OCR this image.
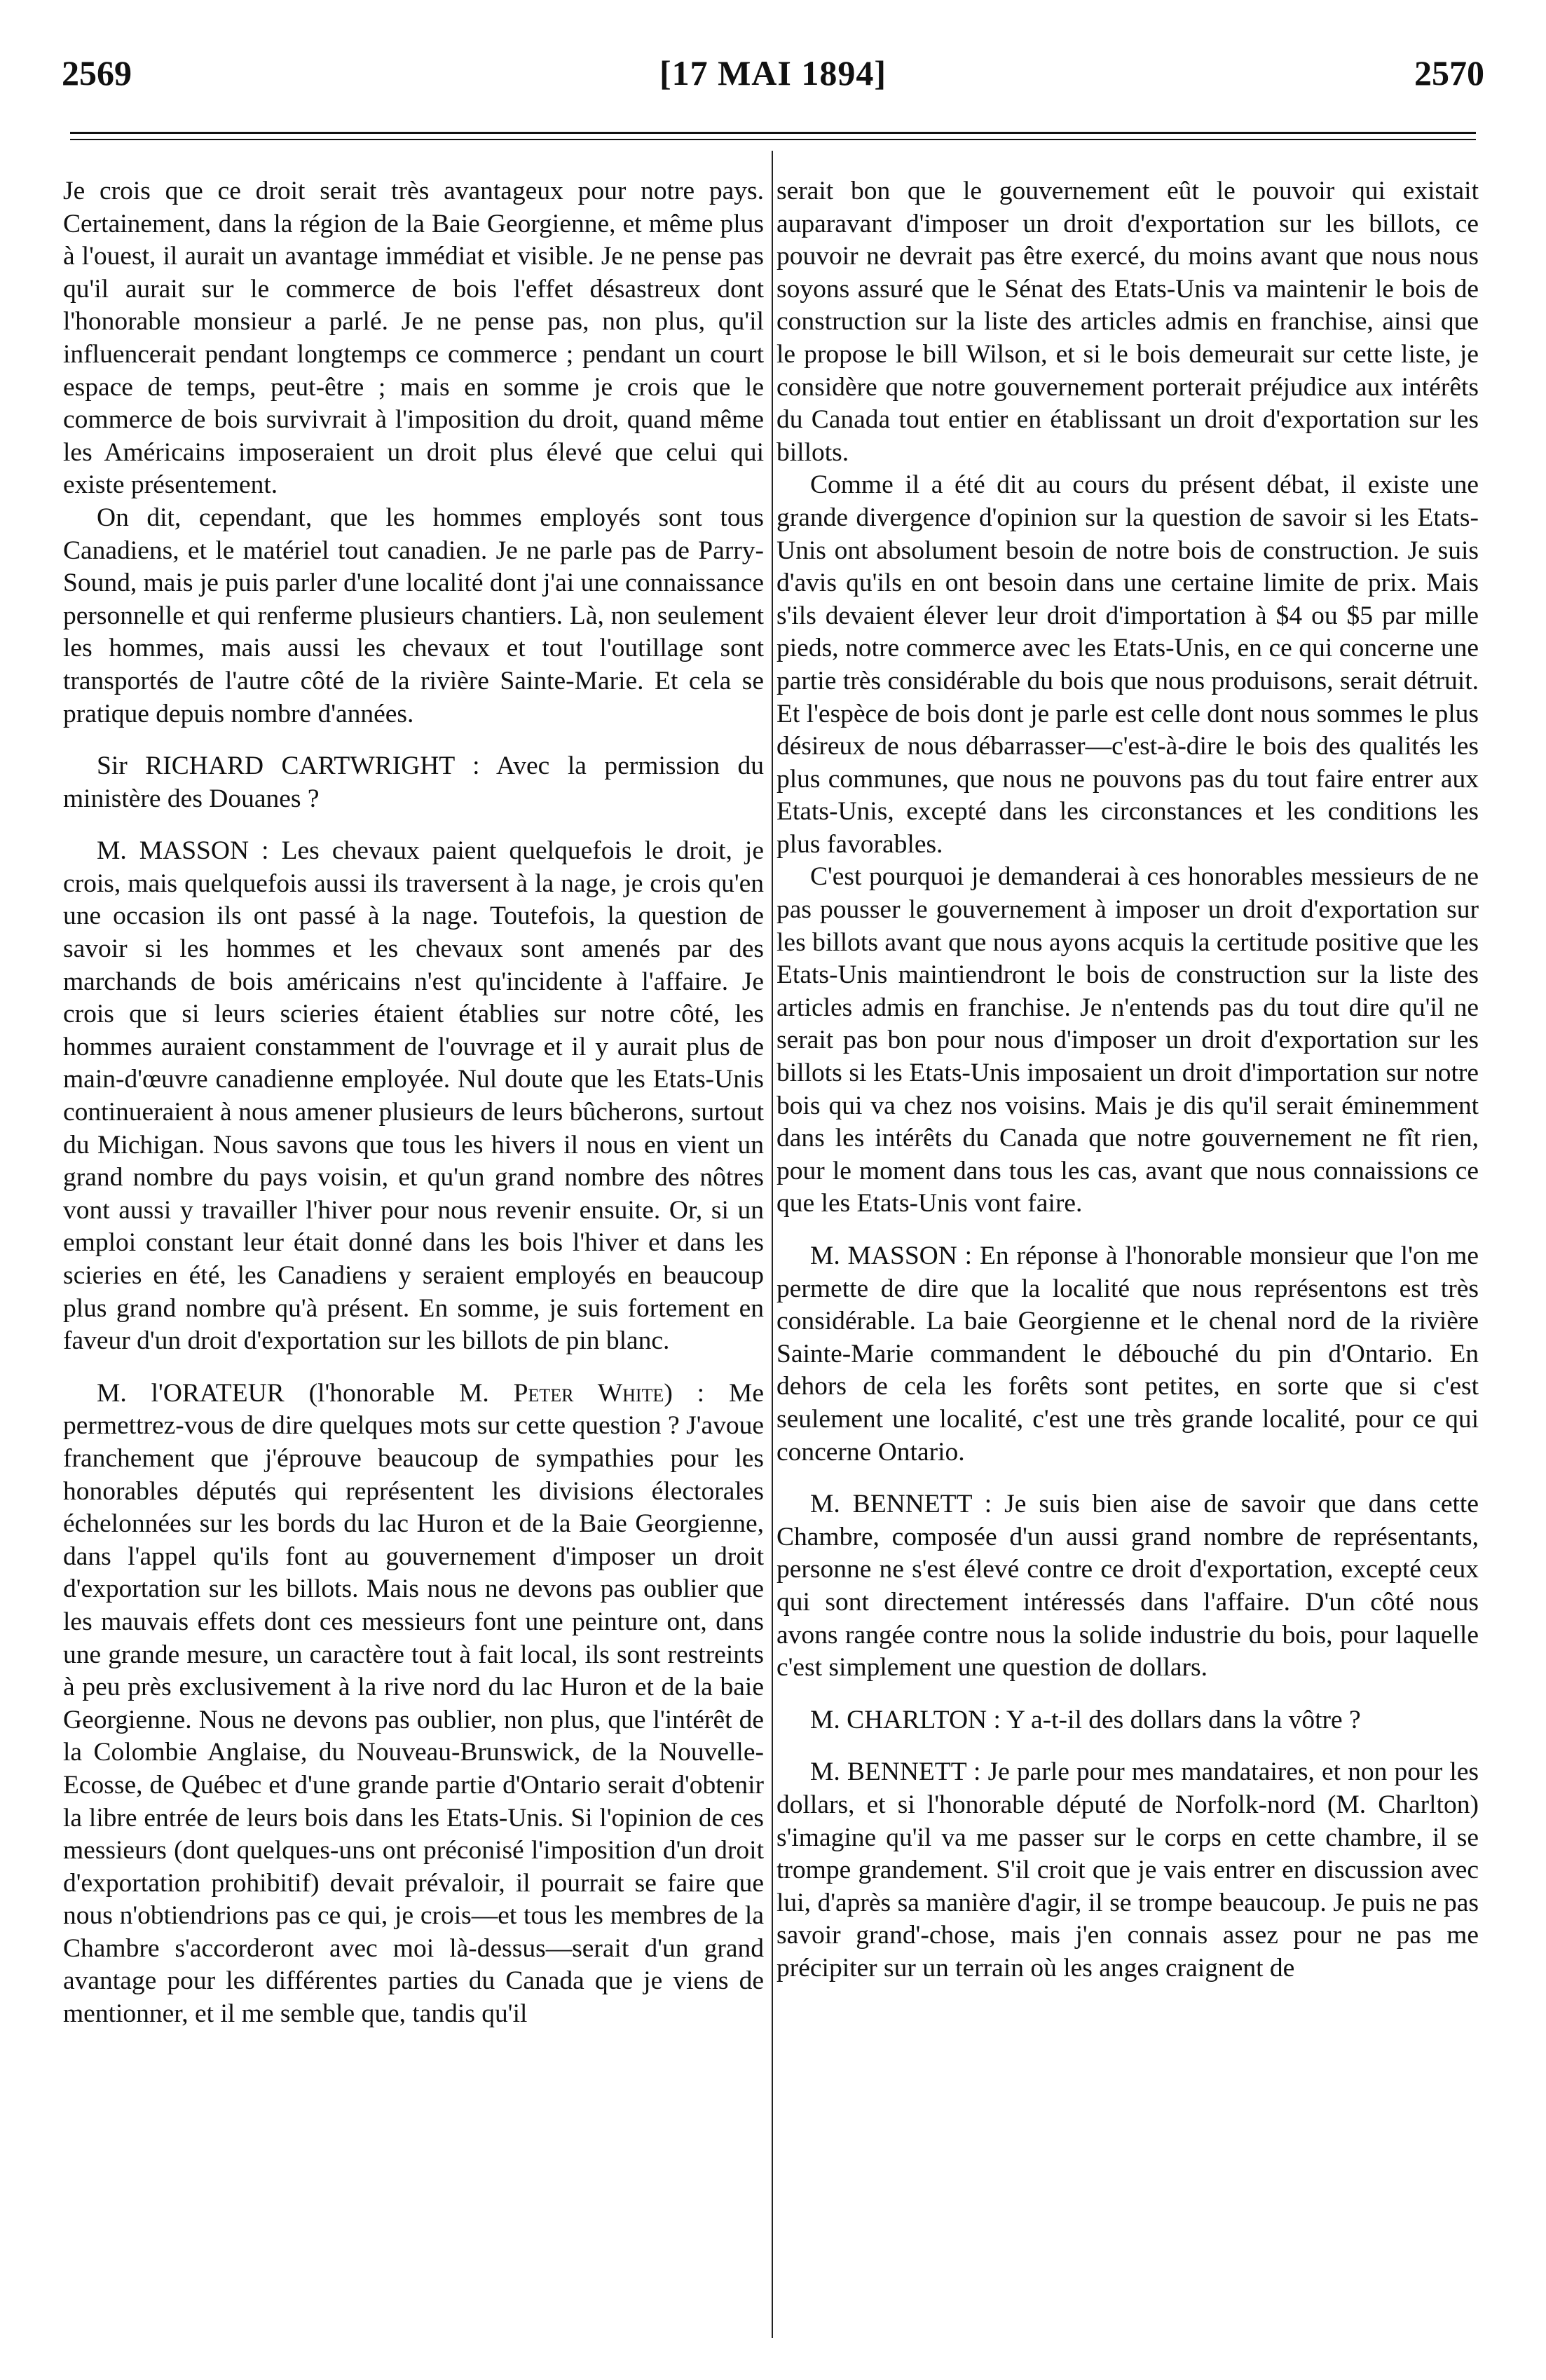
2569	[17 MAI 1894]	2570

Je crois que ce droit serait très avantageux pour notre pays. Certainement, dans la région de la Baie Georgienne, et même plus à l'ouest, il aurait un avantage immédiat et visible. Je ne pense pas qu'il aurait sur le commerce de bois l'effet désastreux dont l'honorable monsieur a parlé. Je ne pense pas, non plus, qu'il influencerait pendant longtemps ce commerce ; pendant un court espace de temps, peut-être ; mais en somme je crois que le commerce de bois survivrait à l'imposition du droit, quand même les Américains imposeraient un droit plus élevé que celui qui existe présentement.

On dit, cependant, que les hommes employés sont tous Canadiens, et le matériel tout canadien. Je ne parle pas de Parry-Sound, mais je puis parler d'une localité dont j'ai une connaissance personnelle et qui renferme plusieurs chantiers. Là, non seulement les hommes, mais aussi les chevaux et tout l'outillage sont transportés de l'autre côté de la rivière Sainte-Marie. Et cela se pratique depuis nombre d'années.

Sir RICHARD CARTWRIGHT : Avec la permission du ministère des Douanes ?

M. MASSON : Les chevaux paient quelquefois le droit, je crois, mais quelquefois aussi ils traversent à la nage, je crois qu'en une occasion ils ont passé à la nage. Toutefois, la question de savoir si les hommes et les chevaux sont amenés par des marchands de bois américains n'est qu'incidente à l'affaire. Je crois que si leurs scieries étaient établies sur notre côté, les hommes auraient constamment de l'ouvrage et il y aurait plus de main-d'œuvre canadienne employée. Nul doute que les Etats-Unis continueraient à nous amener plusieurs de leurs bûcherons, surtout du Michigan. Nous savons que tous les hivers il nous en vient un grand nombre du pays voisin, et qu'un grand nombre des nôtres vont aussi y travailler l'hiver pour nous revenir ensuite. Or, si un emploi constant leur était donné dans les bois l'hiver et dans les scieries en été, les Canadiens y seraient employés en beaucoup plus grand nombre qu'à présent. En somme, je suis fortement en faveur d'un droit d'exportation sur les billots de pin blanc.

M. l'ORATEUR (l'honorable M. Peter White) : Me permettrez-vous de dire quelques mots sur cette question ? J'avoue franchement que j'éprouve beaucoup de sympathies pour les honorables députés qui représentent les divisions électorales échelonnées sur les bords du lac Huron et de la Baie Georgienne, dans l'appel qu'ils font au gouvernement d'imposer un droit d'exportation sur les billots. Mais nous ne devons pas oublier que les mauvais effets dont ces messieurs font une peinture ont, dans une grande mesure, un caractère tout à fait local, ils sont restreints à peu près exclusivement à la rive nord du lac Huron et de la baie Georgienne. Nous ne devons pas oublier, non plus, que l'intérêt de la Colombie Anglaise, du Nouveau-Brunswick, de la Nouvelle-Ecosse, de Québec et d'une grande partie d'Ontario serait d'obtenir la libre entrée de leurs bois dans les Etats-Unis. Si l'opinion de ces messieurs (dont quelques-uns ont préconisé l'imposition d'un droit d'exportation prohibitif) devait prévaloir, il pourrait se faire que nous n'obtiendrions pas ce qui, je crois—et tous les membres de la Chambre s'accorderont avec moi là-dessus—serait d'un grand avantage pour les différentes parties du Canada que je viens de mentionner, et il me semble que, tandis qu'il

serait bon que le gouvernement eût le pouvoir qui existait auparavant d'imposer un droit d'exportation sur les billots, ce pouvoir ne devrait pas être exercé, du moins avant que nous nous soyons assuré que le Sénat des Etats-Unis va maintenir le bois de construction sur la liste des articles admis en franchise, ainsi que le propose le bill Wilson, et si le bois demeurait sur cette liste, je considère que notre gouvernement porterait préjudice aux intérêts du Canada tout entier en établissant un droit d'exportation sur les billots.

Comme il a été dit au cours du présent débat, il existe une grande divergence d'opinion sur la question de savoir si les Etats-Unis ont absolument besoin de notre bois de construction. Je suis d'avis qu'ils en ont besoin dans une certaine limite de prix. Mais s'ils devaient élever leur droit d'importation à $4 ou $5 par mille pieds, notre commerce avec les Etats-Unis, en ce qui concerne une partie très considérable du bois que nous produisons, serait détruit. Et l'espèce de bois dont je parle est celle dont nous sommes le plus désireux de nous débarrasser—c'est-à-dire le bois des qualités les plus communes, que nous ne pouvons pas du tout faire entrer aux Etats-Unis, excepté dans les circonstances et les conditions les plus favorables.

C'est pourquoi je demanderai à ces honorables messieurs de ne pas pousser le gouvernement à imposer un droit d'exportation sur les billots avant que nous ayons acquis la certitude positive que les Etats-Unis maintiendront le bois de construction sur la liste des articles admis en franchise. Je n'entends pas du tout dire qu'il ne serait pas bon pour nous d'imposer un droit d'exportation sur les billots si les Etats-Unis imposaient un droit d'importation sur notre bois qui va chez nos voisins. Mais je dis qu'il serait éminemment dans les intérêts du Canada que notre gouvernement ne fît rien, pour le moment dans tous les cas, avant que nous connaissions ce que les Etats-Unis vont faire.

M. MASSON : En réponse à l'honorable monsieur que l'on me permette de dire que la localité que nous représentons est très considérable. La baie Georgienne et le chenal nord de la rivière Sainte-Marie commandent le débouché du pin d'Ontario. En dehors de cela les forêts sont petites, en sorte que si c'est seulement une localité, c'est une très grande localité, pour ce qui concerne Ontario.

M. BENNETT : Je suis bien aise de savoir que dans cette Chambre, composée d'un aussi grand nombre de représentants, personne ne s'est élevé contre ce droit d'exportation, excepté ceux qui sont directement intéressés dans l'affaire. D'un côté nous avons rangée contre nous la solide industrie du bois, pour laquelle c'est simplement une question de dollars.

M. CHARLTON : Y a-t-il des dollars dans la vôtre ?

M. BENNETT : Je parle pour mes mandataires, et non pour les dollars, et si l'honorable député de Norfolk-nord (M. Charlton) s'imagine qu'il va me passer sur le corps en cette chambre, il se trompe grandement. S'il croit que je vais entrer en discussion avec lui, d'après sa manière d'agir, il se trompe beaucoup. Je puis ne pas savoir grand'-chose, mais j'en connais assez pour ne pas me précipiter sur un terrain où les anges craignent de
